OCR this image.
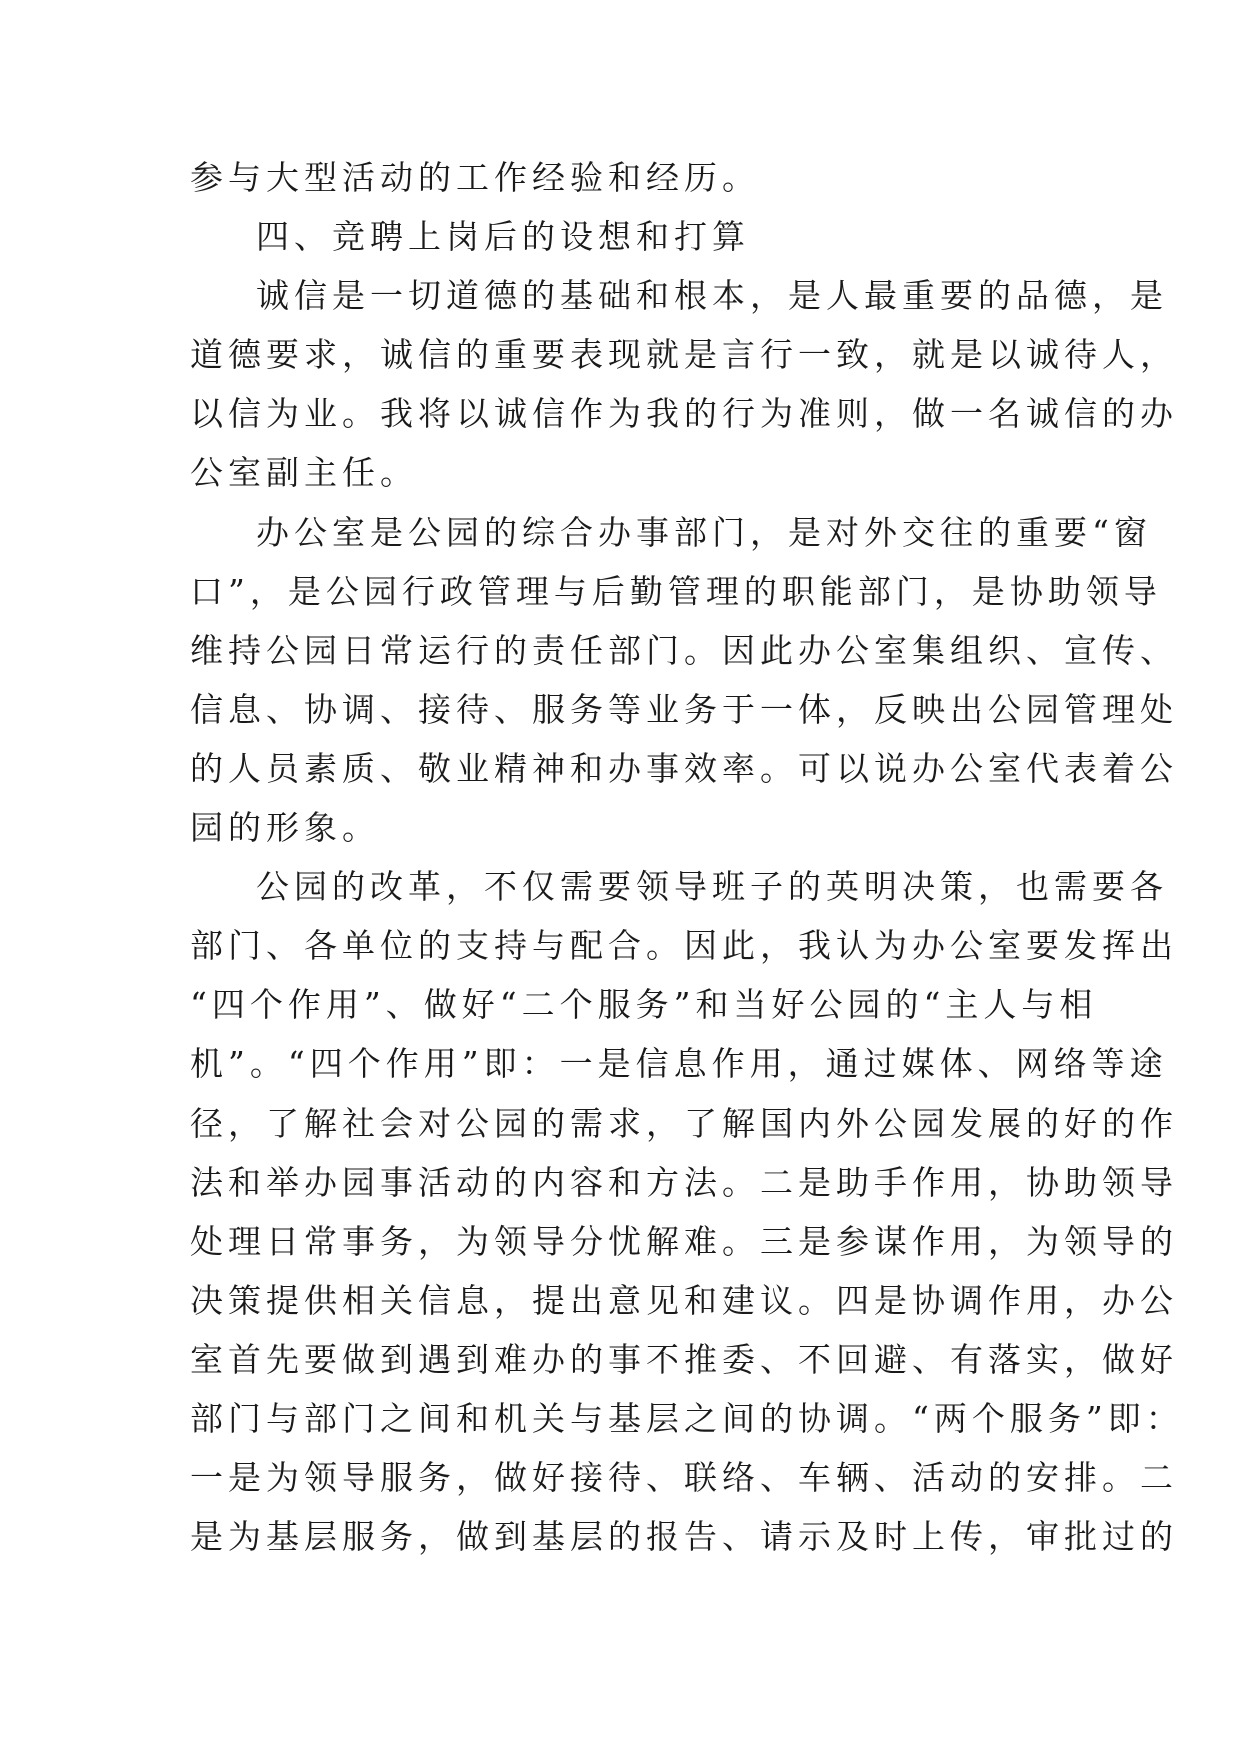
参与大型活动的工作经验和经历。
四、竞聘上岗后的设想和打算
诚信是一切道德的基础和根本，是人最重要的品德，是
道德要求，诚信的重要表现就是言行一致，就是以诚待人，
以信为业。我将以诚信作为我的行为准则，做一名诚信的办
公室副主任。
办公室是公园的综合办事部门，是对外交往的重要“窗
口”，是公园行政管理与后勤管理的职能部门，是协助领导
维持公园日常运行的责任部门。因此办公室集组织、宣传、
信息、协调、接待、服务等业务于一体，反映出公园管理处
的人员素质、敬业精神和办事效率。可以说办公室代表着公
园的形象。
公园的改革，不仅需要领导班子的英明决策，也需要各
部门、各单位的支持与配合。因此，我认为办公室要发挥出
“四个作用”、做好“二个服务”和当好公园的“主人与相
机”。“四个作用”即：一是信息作用，通过媒体、网络等途
径，了解社会对公园的需求，了解国内外公园发展的好的作
法和举办园事活动的内容和方法。二是助手作用，协助领导
处理日常事务，为领导分忧解难。三是参谋作用，为领导的
决策提供相关信息，提出意见和建议。四是协调作用，办公
室首先要做到遇到难办的事不推委、不回避、有落实，做好
部门与部门之间和机关与基层之间的协调。“两个服务”即：
一是为领导服务，做好接待、联络、车辆、活动的安排。二
是为基层服务，做到基层的报告、请示及时上传，审批过的
